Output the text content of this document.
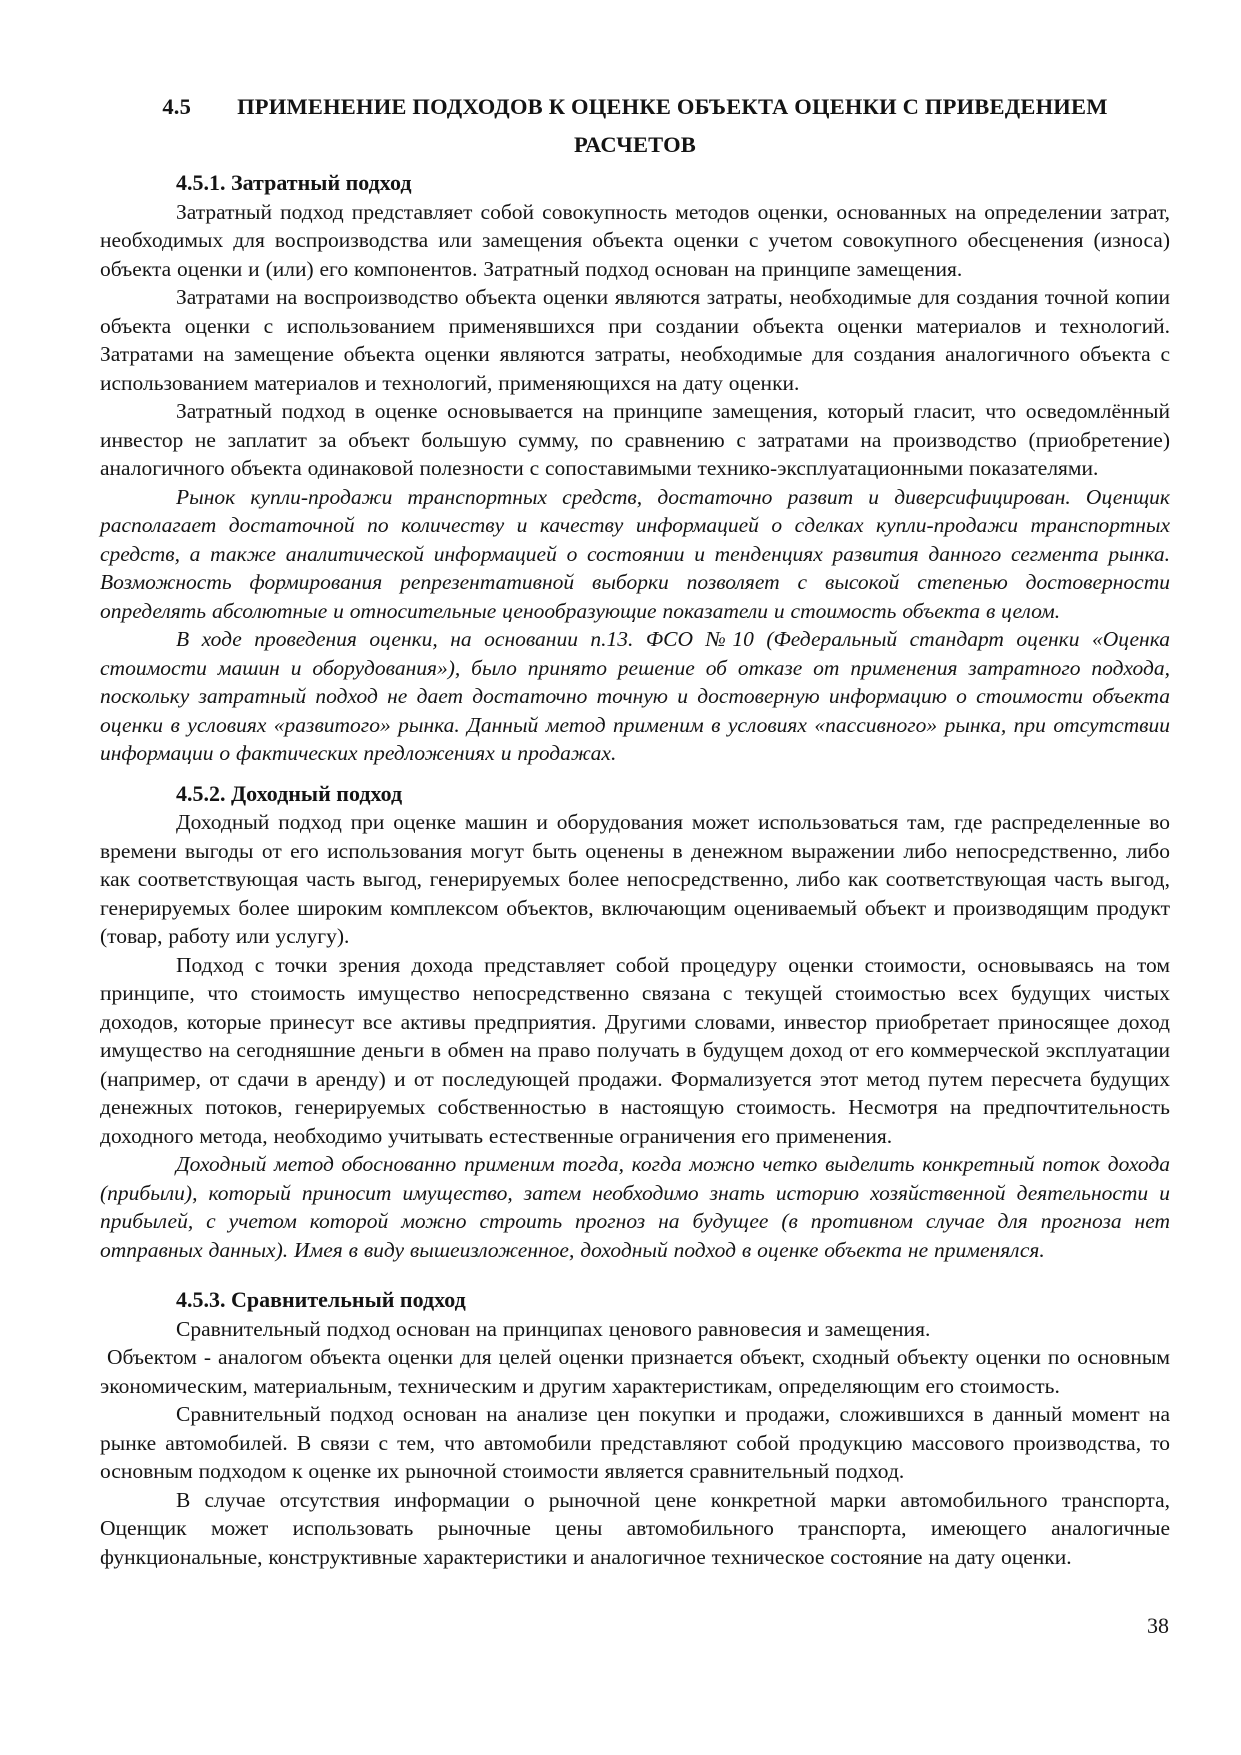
4.5 ПРИМЕНЕНИЕ ПОДХОДОВ К ОЦЕНКЕ ОБЪЕКТА ОЦЕНКИ С ПРИВЕДЕНИЕМ
РАСЧЕТОВ
4.5.1. Затратный подход

Затратный подход представляет собой совокупность методов оценки, основанных на определении затрат, необходимых для воспроизводства или замещения объекта оценки с учетом совокупного обесценения (износа) объекта оценки и (или) его компонентов. Затратный подход основан на принципе замещения.

Затратами на воспроизводство объекта оценки являются затраты, необходимые для создания точной копии объекта оценки с использованием применявшихся при создании объекта оценки материалов и технологий. Затратами на замещение объекта оценки являются затраты, необходимые для создания аналогичного объекта с использованием материалов и технологий, применяющихся на дату оценки.

Затратный подход в оценке основывается на принципе замещения, который гласит, что осведомлённый инвестор не заплатит за объект большую сумму, по сравнению с затратами на производство (приобретение) аналогичного объекта одинаковой полезности с сопоставимыми технико-эксплуатационными показателями.

Рынок купли-продажи транспортных средств, достаточно развит и диверсифицирован. Оценщик располагает достаточной по количеству и качеству информацией о сделках купли-продажи транспортных средств, а также аналитической информацией о состоянии и тенденциях развития данного сегмента рынка. Возможность формирования репрезентативной выборки позволяет с высокой степенью достоверности определять абсолютные и относительные ценообразующие показатели и стоимость объекта в целом.

В ходе проведения оценки, на основании п.13. ФСО №10 (Федеральный стандарт оценки «Оценка стоимости машин и оборудования»), было принято решение об отказе от применения затратного подхода, поскольку затратный подход не дает достаточно точную и достоверную информацию о стоимости объекта оценки в условиях «развитого» рынка. Данный метод применим в условиях «пассивного» рынка, при отсутствии информации о фактических предложениях и продажах.

4.5.2. Доходный подход

Доходный подход при оценке машин и оборудования может использоваться там, где распределенные во времени выгоды от его использования могут быть оценены в денежном выражении либо непосредственно, либо как соответствующая часть выгод, генерируемых более непосредственно, либо как соответствующая часть выгод, генерируемых более широким комплексом объектов, включающим оцениваемый объект и производящим продукт (товар, работу или услугу).

Подход с точки зрения дохода представляет собой процедуру оценки стоимости, основываясь на том принципе, что стоимость имущество непосредственно связана с текущей стоимостью всех будущих чистых доходов, которые принесут все активы предприятия. Другими словами, инвестор приобретает приносящее доход имущество на сегодняшние деньги в обмен на право получать в будущем доход от его коммерческой эксплуатации (например, от сдачи в аренду) и от последующей продажи. Формализуется этот метод путем пересчета будущих денежных потоков, генерируемых собственностью в настоящую стоимость. Несмотря на предпочтительность доходного метода, необходимо учитывать естественные ограничения его применения.

Доходный метод обоснованно применим тогда, когда можно четко выделить конкретный поток дохода (прибыли), который приносит имущество, затем необходимо знать историю хозяйственной деятельности и прибылей, с учетом которой можно строить прогноз на будущее (в противном случае для прогноза нет отправных данных). Имея в виду вышеизложенное, доходный подход в оценке объекта не применялся.

4.5.3. Сравнительный подход

Сравнительный подход основан на принципах ценового равновесия и замещения.

Объектом - аналогом объекта оценки для целей оценки признается объект, сходный объекту оценки по основным экономическим, материальным, техническим и другим характеристикам, определяющим его стоимость.

Сравнительный подход основан на анализе цен покупки и продажи, сложившихся в данный момент на рынке автомобилей. В связи с тем, что автомобили представляют собой продукцию массового производства, то основным подходом к оценке их рыночной стоимости является сравнительный подход.

В случае отсутствия информации о рыночной цене конкретной марки автомобильного транспорта, Оценщик может использовать рыночные цены автомобильного транспорта, имеющего аналогичные функциональные, конструктивные характеристики и аналогичное техническое состояние на дату оценки.

38
